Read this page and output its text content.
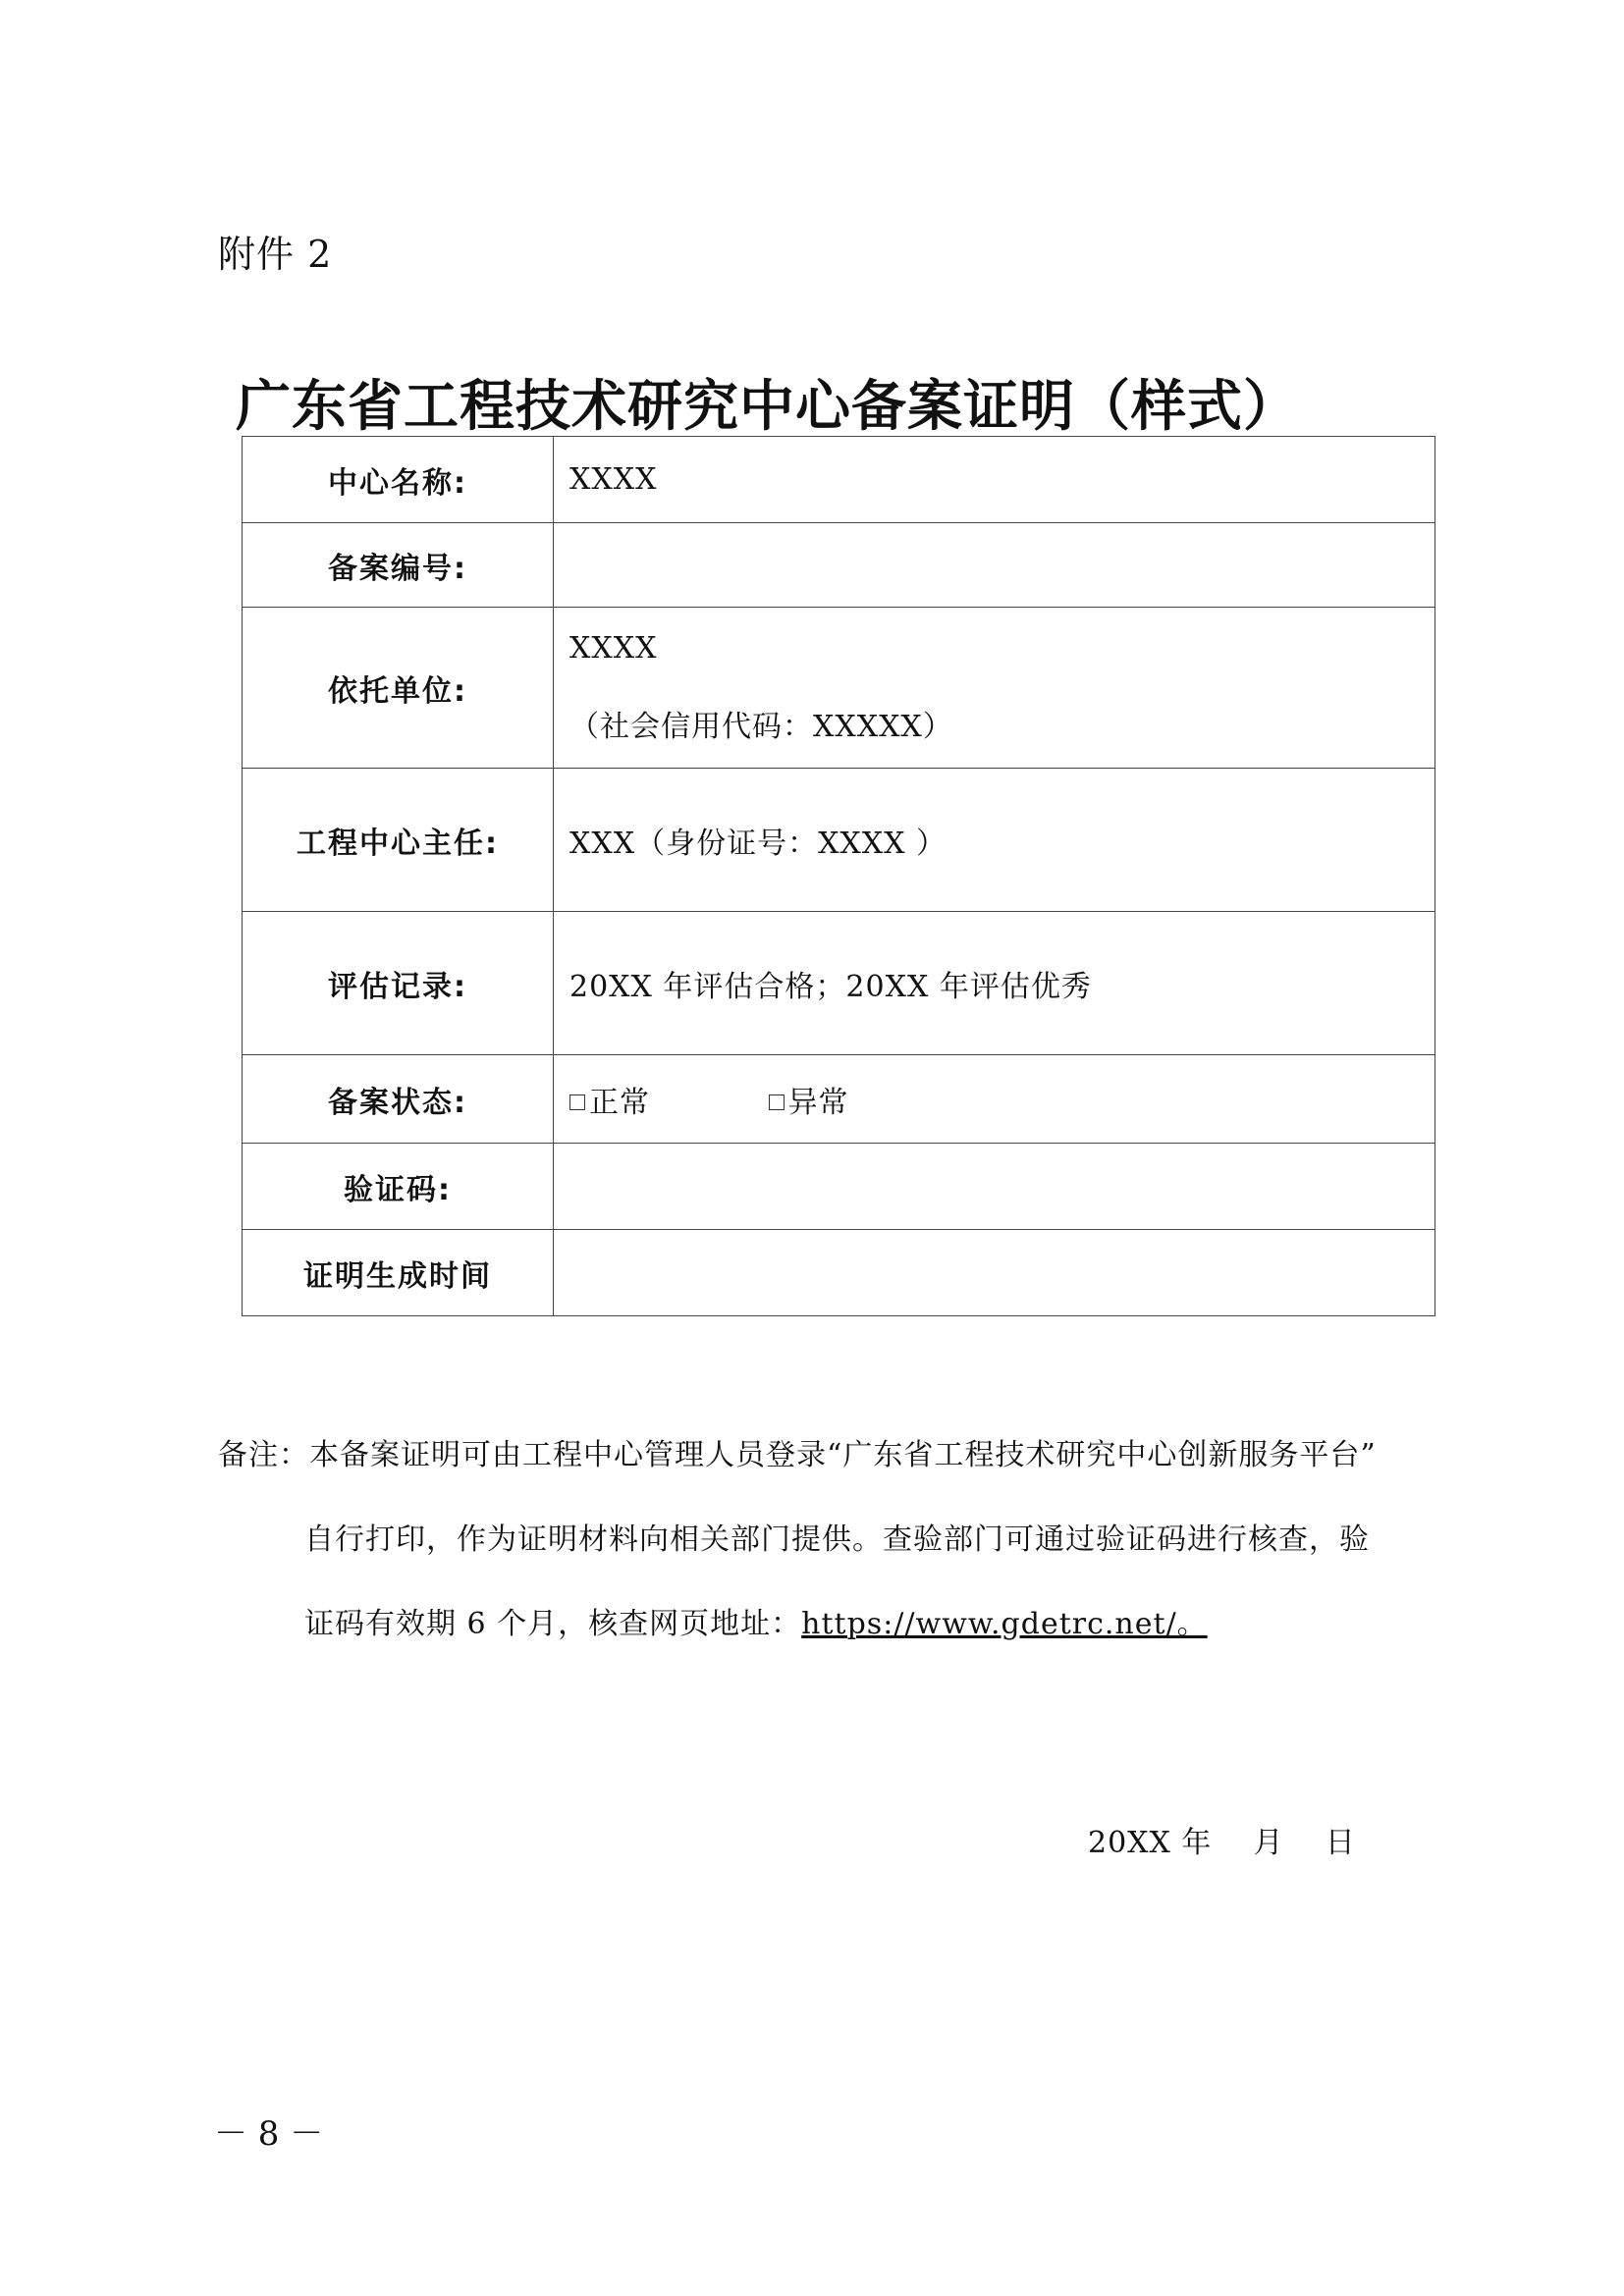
附件 2
广东省工程技术研究中心备案证明（样式）
中心名称:	XXXX
备案编号:	
依托单位:	XXXX
（社会信用代码：XXXXX）

工程中心主任:	XXX（身份证号：XXXX ）
评估记录:	20XX 年评估合格；20XX 年评估优秀
备案状态:	正常 异常
验证码:	
证明生成时间	
备注：本备案证明可由工程中心管理人员登录“广东省工程技术研究中心创新服务平台”
自行打印，作为证明材料向相关部门提供。查验部门可通过验证码进行核查，验
证码有效期 6 个月，核查网页地址：https://www.gdetrc.net/。
20XX 年    月    日
－ 8 －
